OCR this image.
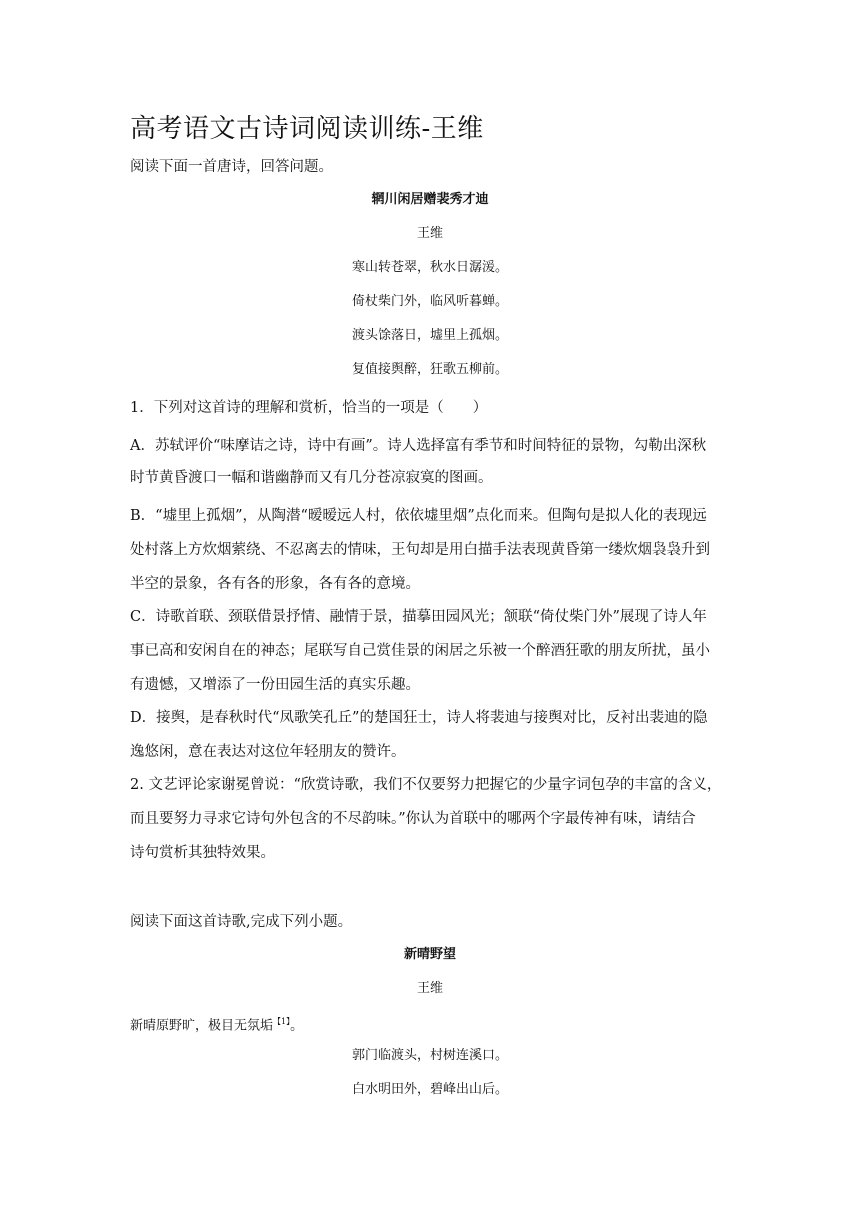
高考语文古诗词阅读训练-王维
阅读下面一首唐诗，回答问题。
辋川闲居赠裴秀才迪
王维
寒山转苍翠，秋水日潺湲。
倚杖柴门外，临风听暮蝉。
渡头馀落日，墟里上孤烟。
复值接舆醉，狂歌五柳前。
1．下列对这首诗的理解和赏析，恰当的一项是（　　）
A．苏轼评价“味摩诘之诗，诗中有画”。诗人选择富有季节和时间特征的景物，勾勒出深秋
时节黄昏渡口一幅和谐幽静而又有几分苍凉寂寞的图画。
B．“墟里上孤烟”，从陶潜“暧暧远人村，依依墟里烟”点化而来。但陶句是拟人化的表现远
处村落上方炊烟萦绕、不忍离去的情味，王句却是用白描手法表现黄昏第一缕炊烟袅袅升到
半空的景象，各有各的形象，各有各的意境。
C．诗歌首联、颈联借景抒情、融情于景，描摹田园风光；颔联“倚仗柴门外”展现了诗人年
事已高和安闲自在的神态；尾联写自己赏佳景的闲居之乐被一个醉酒狂歌的朋友所扰，虽小
有遗憾，又增添了一份田园生活的真实乐趣。
D．接舆，是春秋时代“凤歌笑孔丘”的楚国狂士，诗人将裴迪与接舆对比，反衬出裴迪的隐
逸悠闲，意在表达对这位年轻朋友的赞许。
2. 文艺评论家谢冕曾说：“欣赏诗歌，我们不仅要努力把握它的少量字词包孕的丰富的含义，
而且要努力寻求它诗句外包含的不尽韵味。”你认为首联中的哪两个字最传神有味，请结合
诗句赏析其独特效果。
阅读下面这首诗歌,完成下列小题。
新晴野望
王维
新晴原野旷，极目无氛垢$^{【1】}$。
郭门临渡头，村树连溪口。
白水明田外，碧峰出山后。
